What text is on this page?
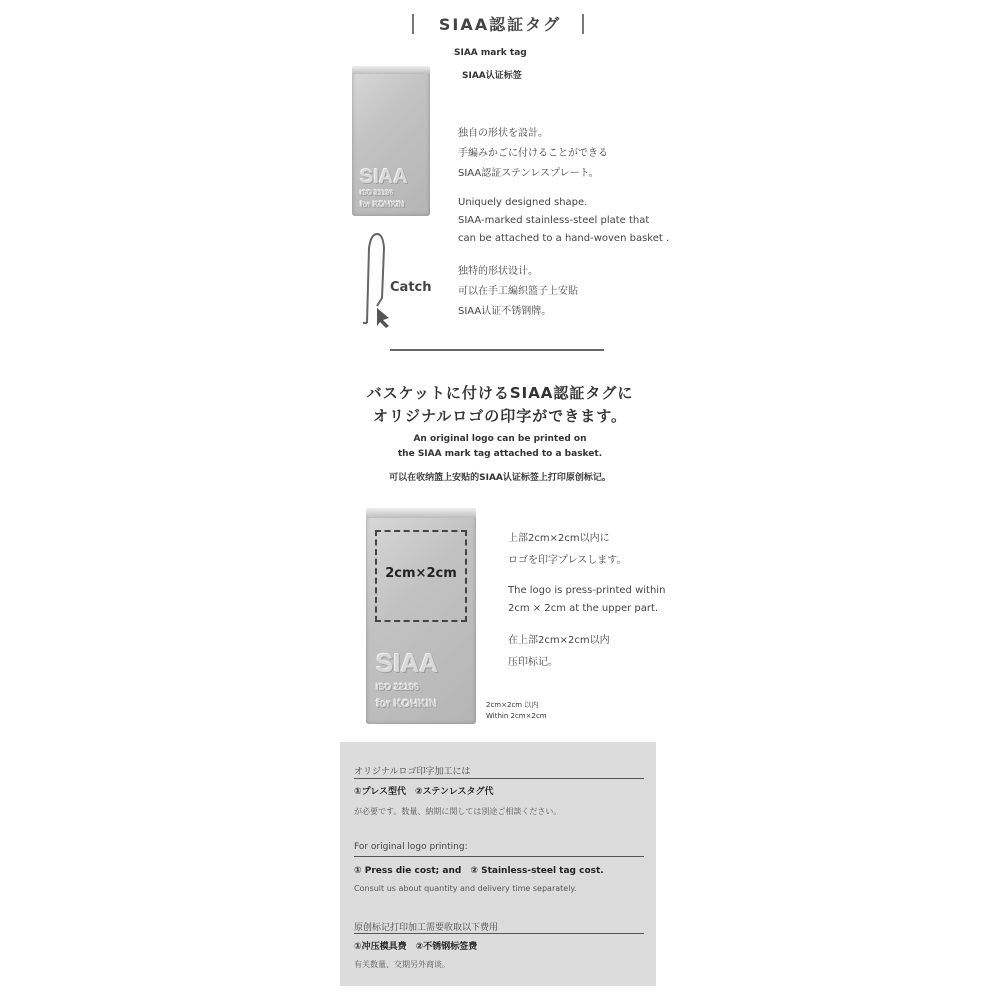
SIAA認証タグ
SIAA
ISO 22196
for KOHKIN
Catch
SIAA mark tag
SIAA认证标签
独自の形状を設計。
手編みかごに付けることができる
SIAA認証ステンレスプレート。
Uniquely designed shape.
SIAA-marked stainless-steel plate that
can be attached to a hand-woven basket .
独特的形状设计。
可以在手工編织篮子上安貼
SIAA认证不锈钢牌。
バスケットに付けるSIAA認証タグに
オリジナルロゴの印字ができます。
An original logo can be printed on
the SIAA mark tag attached to a basket.
可以在收纳篮上安贴的SIAA认证标签上打印原创标记。
2cm×2cm
SIAA
ISO 22196
for KOHKIN	2cm×2cm 以内
Within 2cm×2cm
上部2cm×2cm以内に
ロゴを印字プレスします。
The logo is press-printed within
2cm × 2cm at the upper part.
在上部2cm×2cm以内
压印标记。
オリジナルロゴ印字加工には
①プレス型代　②ステンレスタグ代
が必要です。数量、納期に関しては別途ご相談ください。
For original logo printing:
① Press die cost; and　② Stainless-steel tag cost.
Consult us about quantity and delivery time separately.
原创标记打印加工需要收取以下费用
①冲压模具费　②不锈钢标签费
有关数量、交期另外商谈。
